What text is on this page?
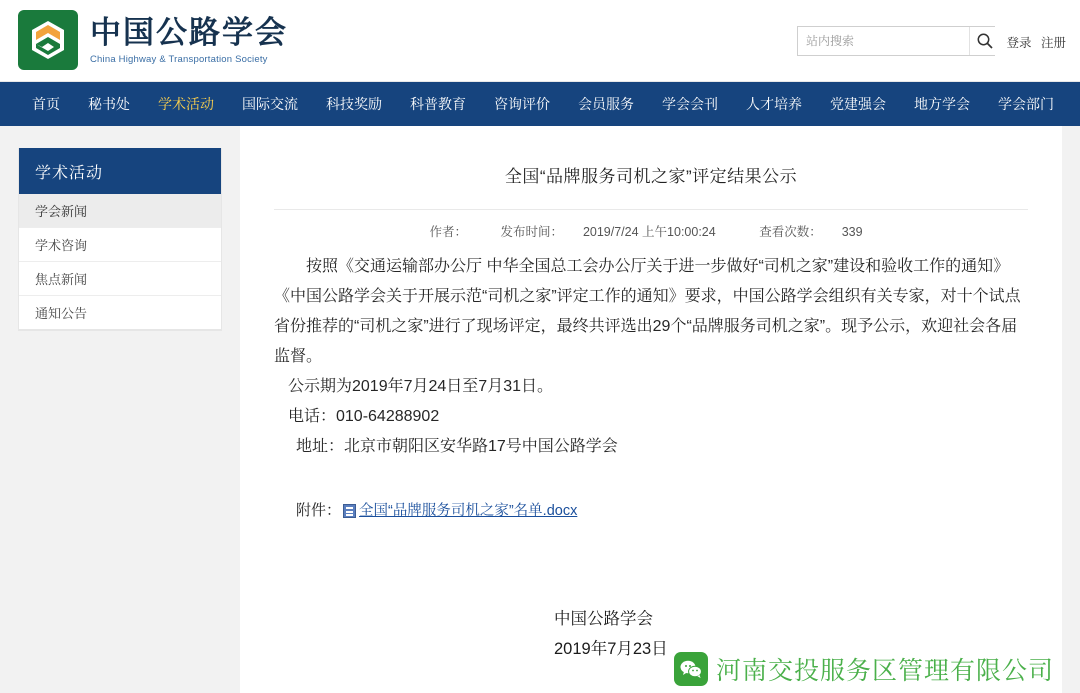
中国公路学会
China Highway & Transportation Society
站内搜索
登录 注册
首页	秘书处	学术活动	国际交流	科技奖励	科普教育	咨询评价	会员服务	学会会刊	人才培养	党建强会	地方学会	学会部门
学术活动
学会新闻
学术咨询
焦点新闻
通知公告
全国“品牌服务司机之家”评定结果公示
作者：	发布时间： 2019/7/24 上午10:00:24	查看次数： 339

按照《交通运输部办公厅 中华全国总工会办公厅关于进一步做好“司机之家”建设和验收工作的通知》《中国公路学会关于开展示范“司机之家”评定工作的通知》要求，中国公路学会组织有关专家，对十个试点省份推荐的“司机之家”进行了现场评定，最终共评选出29个“品牌服务司机之家”。现予公示，欢迎社会各届监督。

公示期为2019年7月24日至7月31日。

电话：010-64288902

地址：北京市朝阳区安华路17号中国公路学会

附件： 全国“品牌服务司机之家”名单.docx
中国公路学会
2019年7月23日
河南交投服务区管理有限公司
